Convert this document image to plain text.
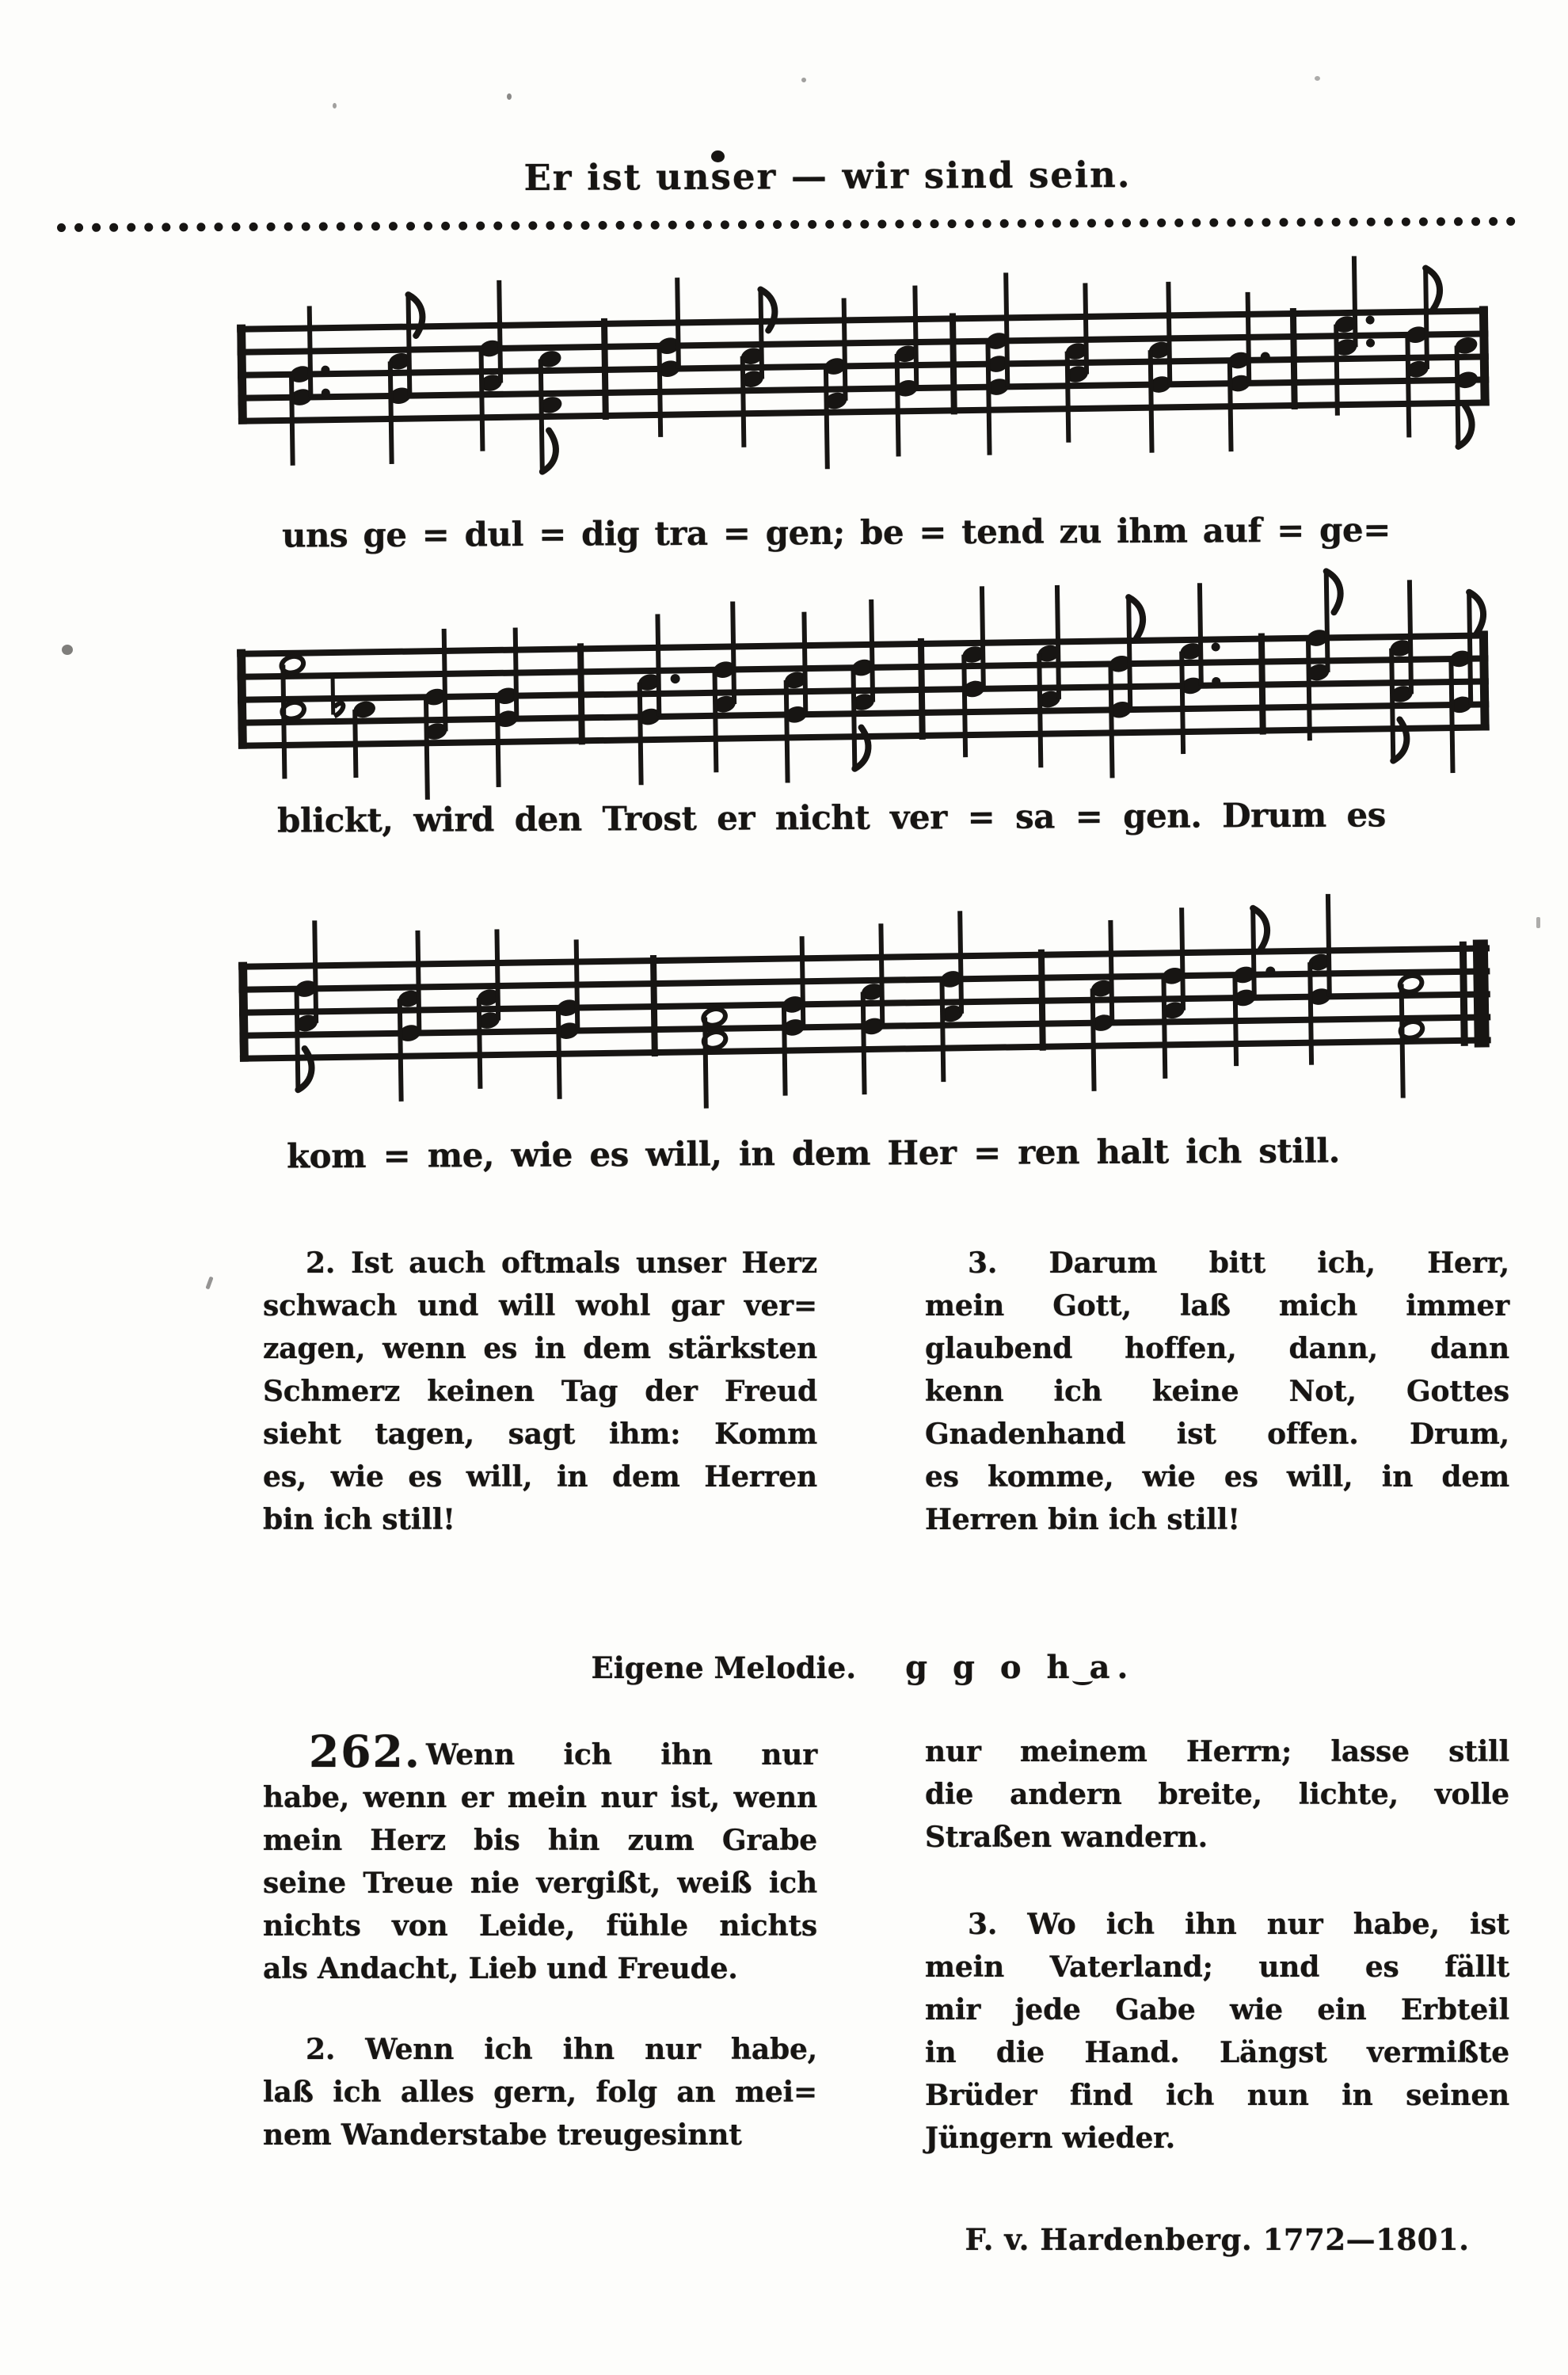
Er ist unser — wir sind sein.
uns ge = dul = dig tra = gen; be = tend zu ihm auf = ge=
blickt, wird den Trost er nicht ver = sa = gen. Drum es
kom = me, wie es will, in dem Her = ren halt ich still.
2. Ist auch oftmals unser Herz
schwach und will wohl gar ver=
zagen, wenn es in dem stärksten
Schmerz keinen Tag der Freud
sieht tagen, sagt ihm: Komm
es, wie es will, in dem Herren
bin ich still!
3. Darum bitt ich, Herr,
mein Gott, laß mich immer
glaubend hoffen, dann, dann
kenn ich keine Not, Gottes
Gnadenhand ist offen. Drum,
es komme, wie es will, in dem
Herren bin ich still!
Eigene Melodie. g g o h a.
262. Wenn ich ihn nur
habe, wenn er mein nur ist, wenn
mein Herz bis hin zum Grabe
seine Treue nie vergißt, weiß ich
nichts von Leide, fühle nichts
als Andacht, Lieb und Freude.
2. Wenn ich ihn nur habe,
laß ich alles gern, folg an mei=
nem Wanderstabe treugesinnt
nur meinem Herrn; lasse still
die andern breite, lichte, volle
Straßen wandern.
3. Wo ich ihn nur habe, ist
mein Vaterland; und es fällt
mir jede Gabe wie ein Erbteil
in die Hand. Längst vermißte
Brüder find ich nun in seinen
Jüngern wieder.
F. v. Hardenberg. 1772—1801.
